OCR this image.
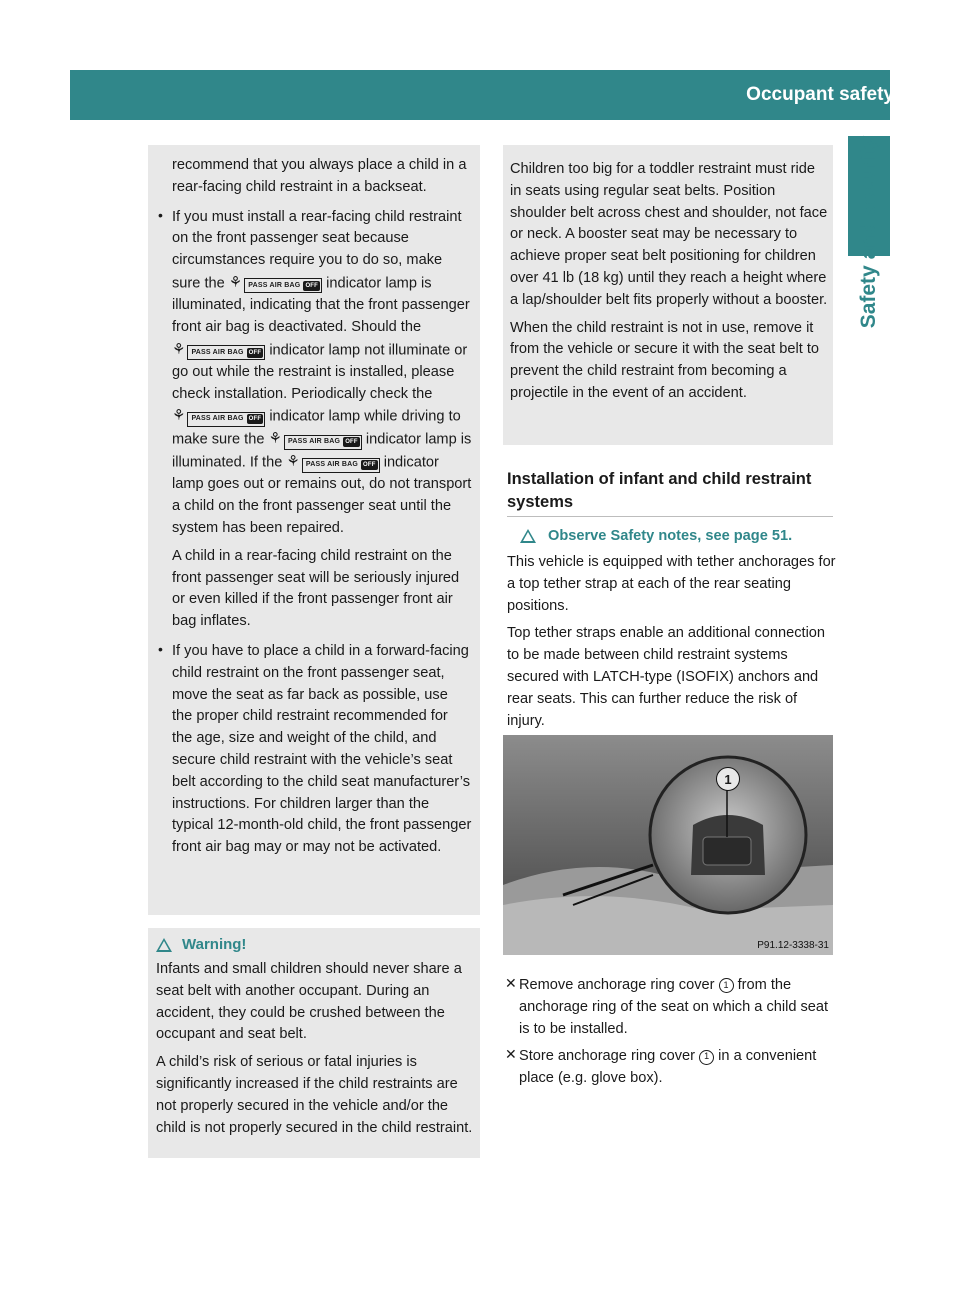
Occupant safety 53
Safety and security

recommend that you always place a child in a rear-facing child restraint in a backseat.

• If you must install a rear-facing child restraint on the front passenger seat because circumstances require you to do so, make sure the ⚘ PASS AIR BAG OFF indicator lamp is illuminated, indicating that the front passenger front air bag is deactivated. Should the ⚘ PASS AIR BAG OFF indicator lamp not illuminate or go out while the restraint is installed, please check installation. Periodically check the ⚘ PASS AIR BAG OFF indicator lamp while driving to make sure the ⚘ PASS AIR BAG OFF indicator lamp is illuminated. If the ⚘ PASS AIR BAG OFF indicator lamp goes out or remains out, do not transport a child on the front passenger seat until the system has been repaired.

A child in a rear-facing child restraint on the front passenger seat will be seriously injured or even killed if the front passenger front air bag inflates.

• If you have to place a child in a forward-facing child restraint on the front passenger seat, move the seat as far back as possible, use the proper child restraint recommended for the age, size and weight of the child, and secure child restraint with the vehicle’s seat belt according to the child seat manufacturer’s instructions. For children larger than the typical 12-month-old child, the front passenger front air bag may or may not be activated.

Warning!

Infants and small children should never share a seat belt with another occupant. During an accident, they could be crushed between the occupant and seat belt.

A child’s risk of serious or fatal injuries is significantly increased if the child restraints are not properly secured in the vehicle and/or the child is not properly secured in the child restraint.

Children too big for a toddler restraint must ride in seats using regular seat belts. Position shoulder belt across chest and shoulder, not face or neck. A booster seat may be necessary to achieve proper seat belt positioning for children over 41 lb (18 kg) until they reach a height where a lap/shoulder belt fits properly without a booster.

When the child restraint is not in use, remove it from the vehicle or secure it with the seat belt to prevent the child restraint from becoming a projectile in the event of an accident.

Installation of infant and child restraint systems
Observe Safety notes, see page 51.

This vehicle is equipped with tether anchorages for a top tether strap at each of the rear seating positions.

Top tether straps enable an additional connection to be made between child restraint systems secured with LATCH-type (ISOFIX) anchors and rear seats. This can further reduce the risk of injury.

1
P91.12-3338-31
✕ Remove anchorage ring cover 1 from the anchorage ring of the seat on which a child seat is to be installed.

✕ Store anchorage ring cover 1 in a convenient place (e.g. glove box).
